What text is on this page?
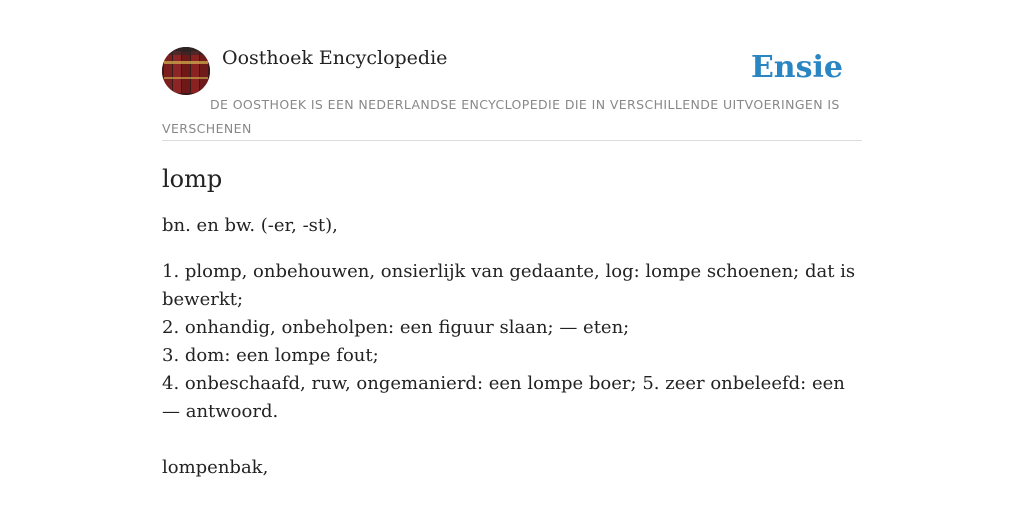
Oosthoek Encyclopedie	Ensie
DE OOSTHOEK IS EEN NEDERLANDSE ENCYCLOPEDIE DIE IN VERSCHILLENDE UITVOERINGEN IS VERSCHENEN
lomp

bn. en bw. (-er, -st),

1. plomp, onbehouwen, onsierlijk van gedaante, log: lompe schoenen; dat is bewerkt;
2. onhandig, onbeholpen: een figuur slaan; — eten;
3. dom: een lompe fout;
4. onbeschaafd, ruw, ongemanierd: een lompe boer; 5. zeer onbeleefd: een — antwoord.

lompenbak,
